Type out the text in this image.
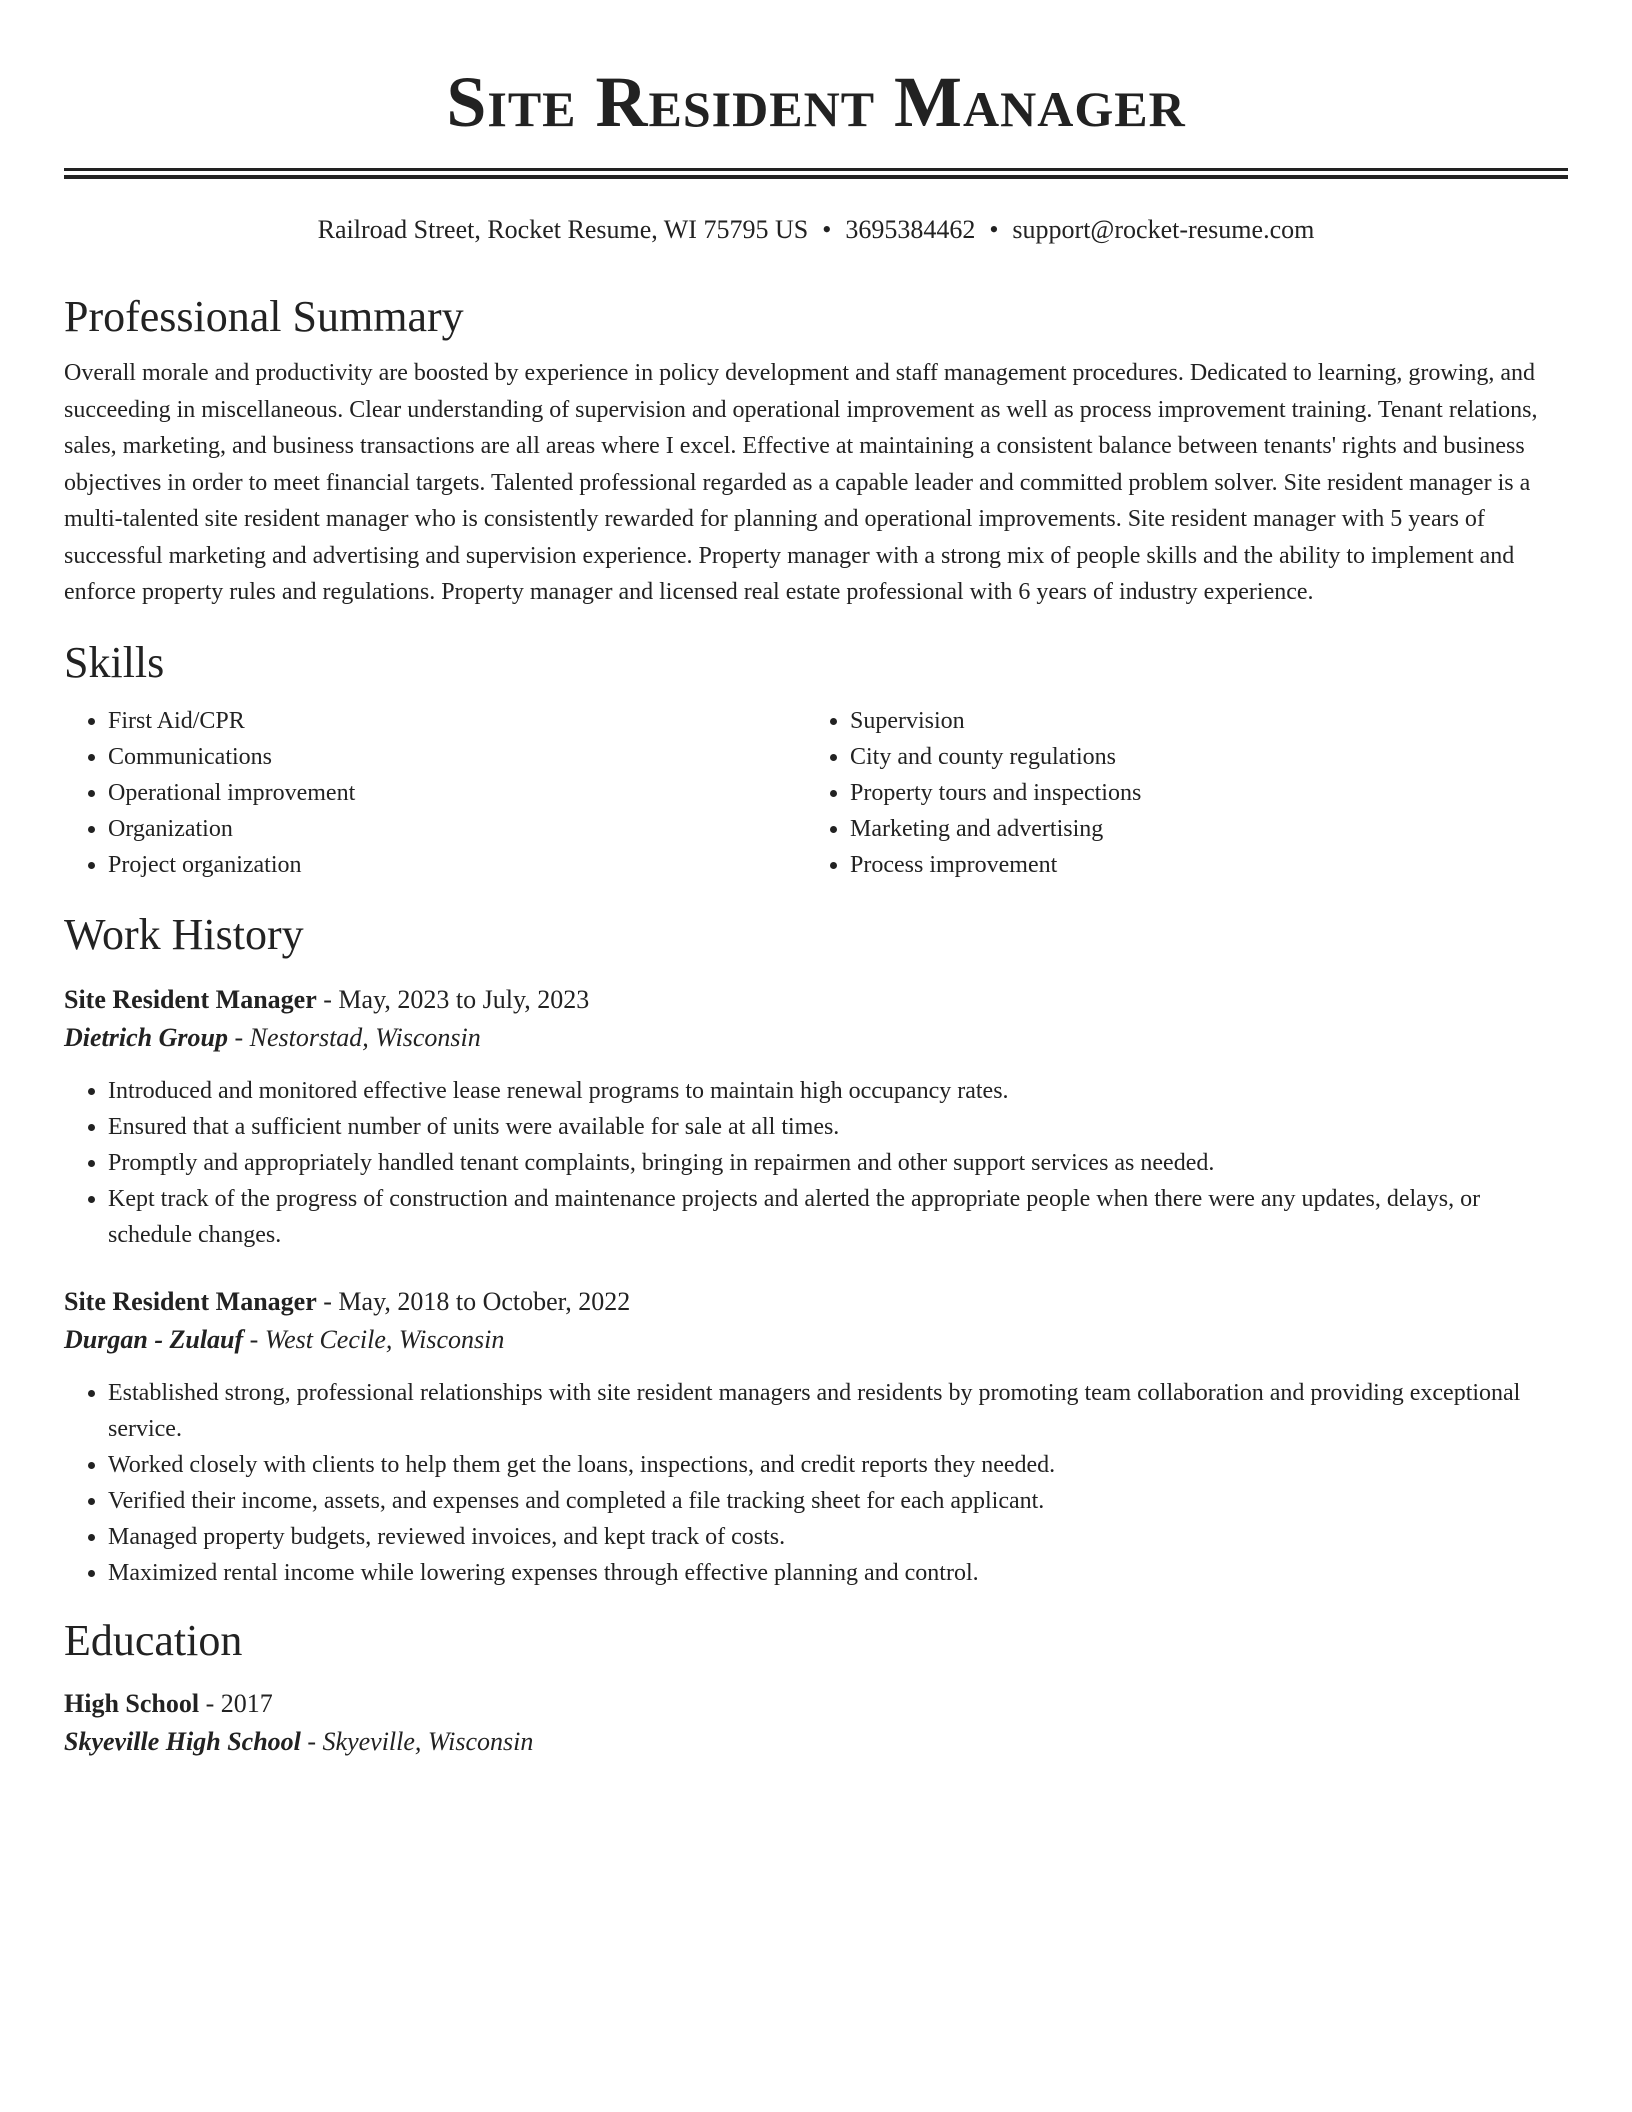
Site Resident Manager
Railroad Street, Rocket Resume, WI 75795 US • 3695384462 • support@rocket-resume.com
Professional Summary
Overall morale and productivity are boosted by experience in policy development and staff management procedures. Dedicated to learning, growing, and succeeding in miscellaneous. Clear understanding of supervision and operational improvement as well as process improvement training. Tenant relations, sales, marketing, and business transactions are all areas where I excel. Effective at maintaining a consistent balance between tenants' rights and business objectives in order to meet financial targets. Talented professional regarded as a capable leader and committed problem solver. Site resident manager is a multi-talented site resident manager who is consistently rewarded for planning and operational improvements. Site resident manager with 5 years of successful marketing and advertising and supervision experience. Property manager with a strong mix of people skills and the ability to implement and enforce property rules and regulations. Property manager and licensed real estate professional with 6 years of industry experience.
Skills
• First Aid/CPR
• Communications
• Operational improvement
• Organization
• Project organization
• Supervision
• City and county regulations
• Property tours and inspections
• Marketing and advertising
• Process improvement
Work History
Site Resident Manager - May, 2023 to July, 2023
Dietrich Group - Nestorstad, Wisconsin
• Introduced and monitored effective lease renewal programs to maintain high occupancy rates.
• Ensured that a sufficient number of units were available for sale at all times.
• Promptly and appropriately handled tenant complaints, bringing in repairmen and other support services as needed.
• Kept track of the progress of construction and maintenance projects and alerted the appropriate people when there were any updates, delays, or schedule changes.
Site Resident Manager - May, 2018 to October, 2022
Durgan - Zulauf - West Cecile, Wisconsin
• Established strong, professional relationships with site resident managers and residents by promoting team collaboration and providing exceptional service.
• Worked closely with clients to help them get the loans, inspections, and credit reports they needed.
• Verified their income, assets, and expenses and completed a file tracking sheet for each applicant.
• Managed property budgets, reviewed invoices, and kept track of costs.
• Maximized rental income while lowering expenses through effective planning and control.
Education
High School - 2017
Skyeville High School - Skyeville, Wisconsin
